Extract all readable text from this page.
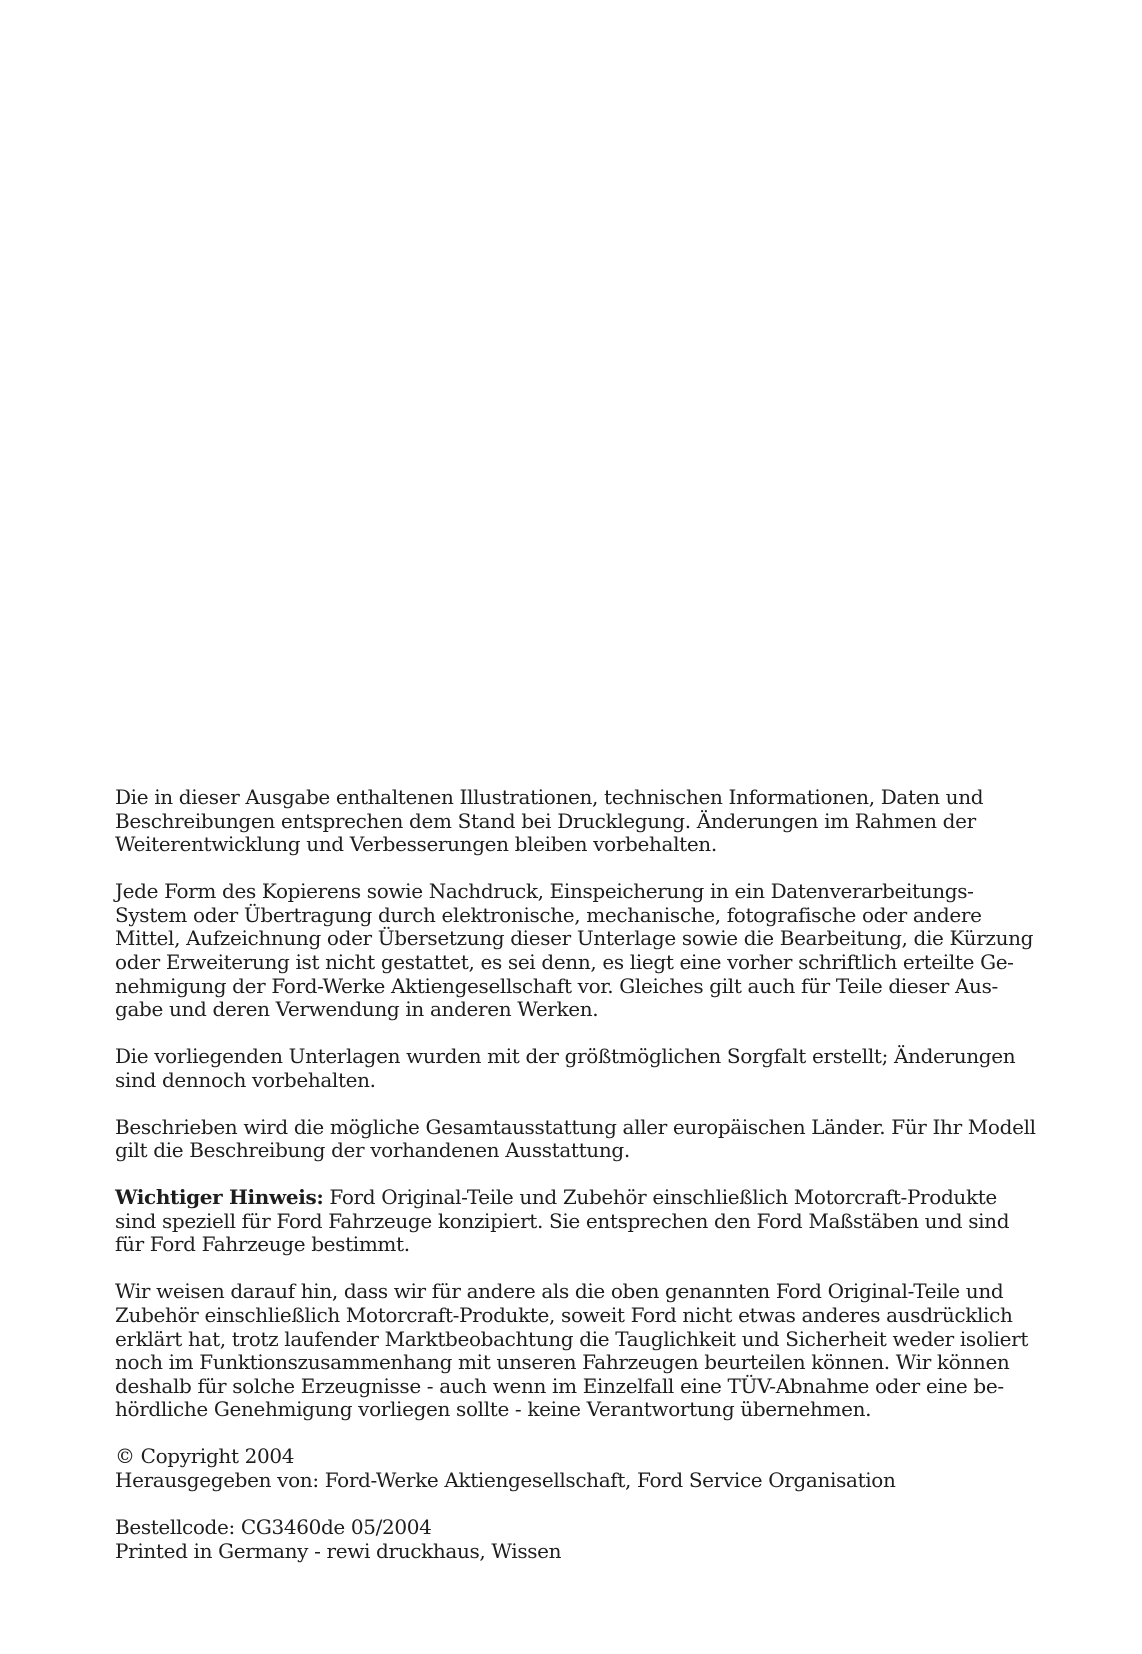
Die in dieser Ausgabe enthaltenen Illustrationen, technischen Informationen, Daten und
Beschreibungen entsprechen dem Stand bei Drucklegung. Änderungen im Rahmen der
Weiterentwicklung und Verbesserungen bleiben vorbehalten.

Jede Form des Kopierens sowie Nachdruck, Einspeicherung in ein Datenverarbeitungs-
System oder Übertragung durch elektronische, mechanische, fotografische oder andere
Mittel, Aufzeichnung oder Übersetzung dieser Unterlage sowie die Bearbeitung, die Kürzung
oder Erweiterung ist nicht gestattet, es sei denn, es liegt eine vorher schriftlich erteilte Ge-
nehmigung der Ford-Werke Aktiengesellschaft vor. Gleiches gilt auch für Teile dieser Aus-
gabe und deren Verwendung in anderen Werken.

Die vorliegenden Unterlagen wurden mit der größtmöglichen Sorgfalt erstellt; Änderungen
sind dennoch vorbehalten.

Beschrieben wird die mögliche Gesamtausstattung aller europäischen Länder. Für Ihr Modell
gilt die Beschreibung der vorhandenen Ausstattung.

Wichtiger Hinweis: Ford Original-Teile und Zubehör einschließlich Motorcraft-Produkte
sind speziell für Ford Fahrzeuge konzipiert. Sie entsprechen den Ford Maßstäben und sind
für Ford Fahrzeuge bestimmt.

Wir weisen darauf hin, dass wir für andere als die oben genannten Ford Original-Teile und
Zubehör einschließlich Motorcraft-Produkte, soweit Ford nicht etwas anderes ausdrücklich
erklärt hat, trotz laufender Marktbeobachtung die Tauglichkeit und Sicherheit weder isoliert
noch im Funktionszusammenhang mit unseren Fahrzeugen beurteilen können. Wir können
deshalb für solche Erzeugnisse - auch wenn im Einzelfall eine TÜV-Abnahme oder eine be-
hördliche Genehmigung vorliegen sollte - keine Verantwortung übernehmen.

© Copyright 2004
Herausgegeben von: Ford-Werke Aktiengesellschaft, Ford Service Organisation

Bestellcode: CG3460de 05/2004
Printed in Germany - rewi druckhaus, Wissen
